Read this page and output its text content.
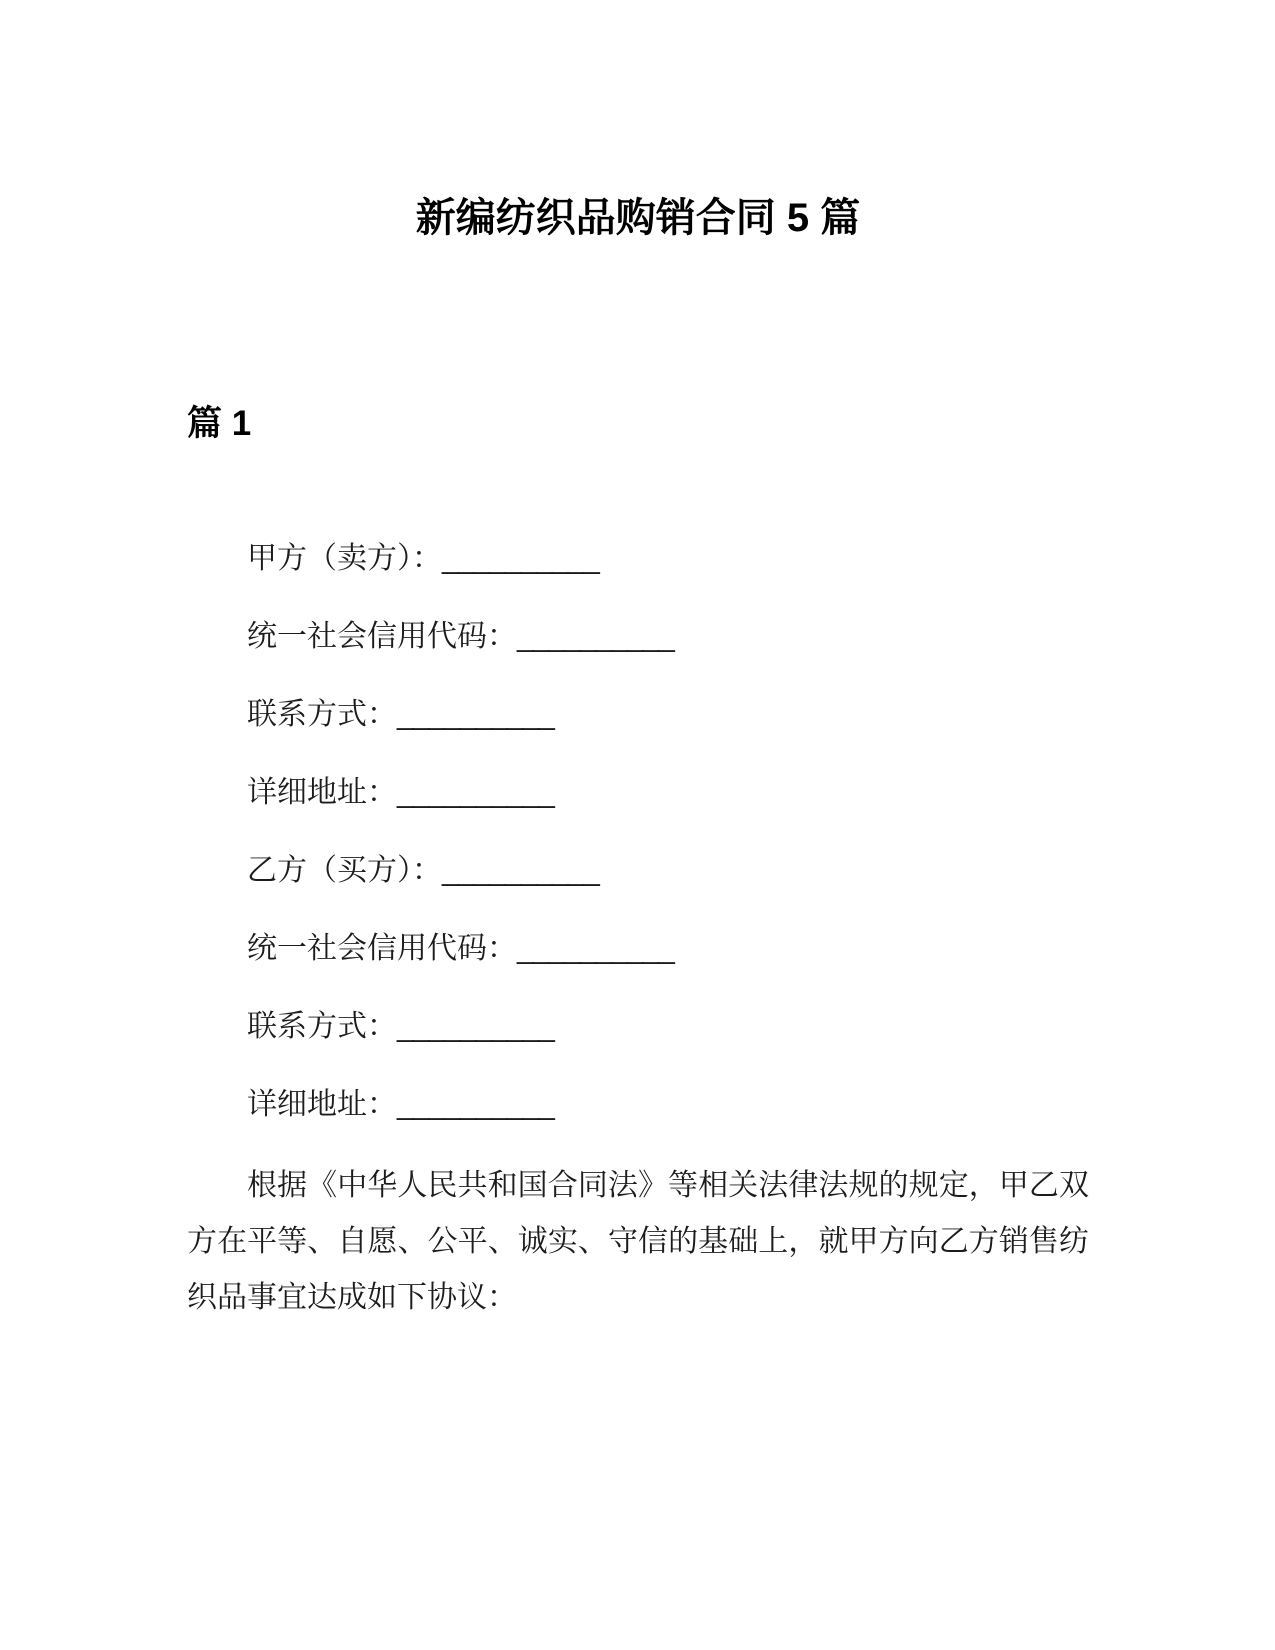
新编纺织品购销合同 5 篇
篇 1
甲方（卖方）：__________
统一社会信用代码：__________
联系方式：__________
详细地址：__________
乙方（买方）：__________
统一社会信用代码：__________
联系方式：__________
详细地址：__________
根据《中华人民共和国合同法》等相关法律法规的规定，甲乙双
方在平等、自愿、公平、诚实、守信的基础上，就甲方向乙方销售纺
织品事宜达成如下协议：
